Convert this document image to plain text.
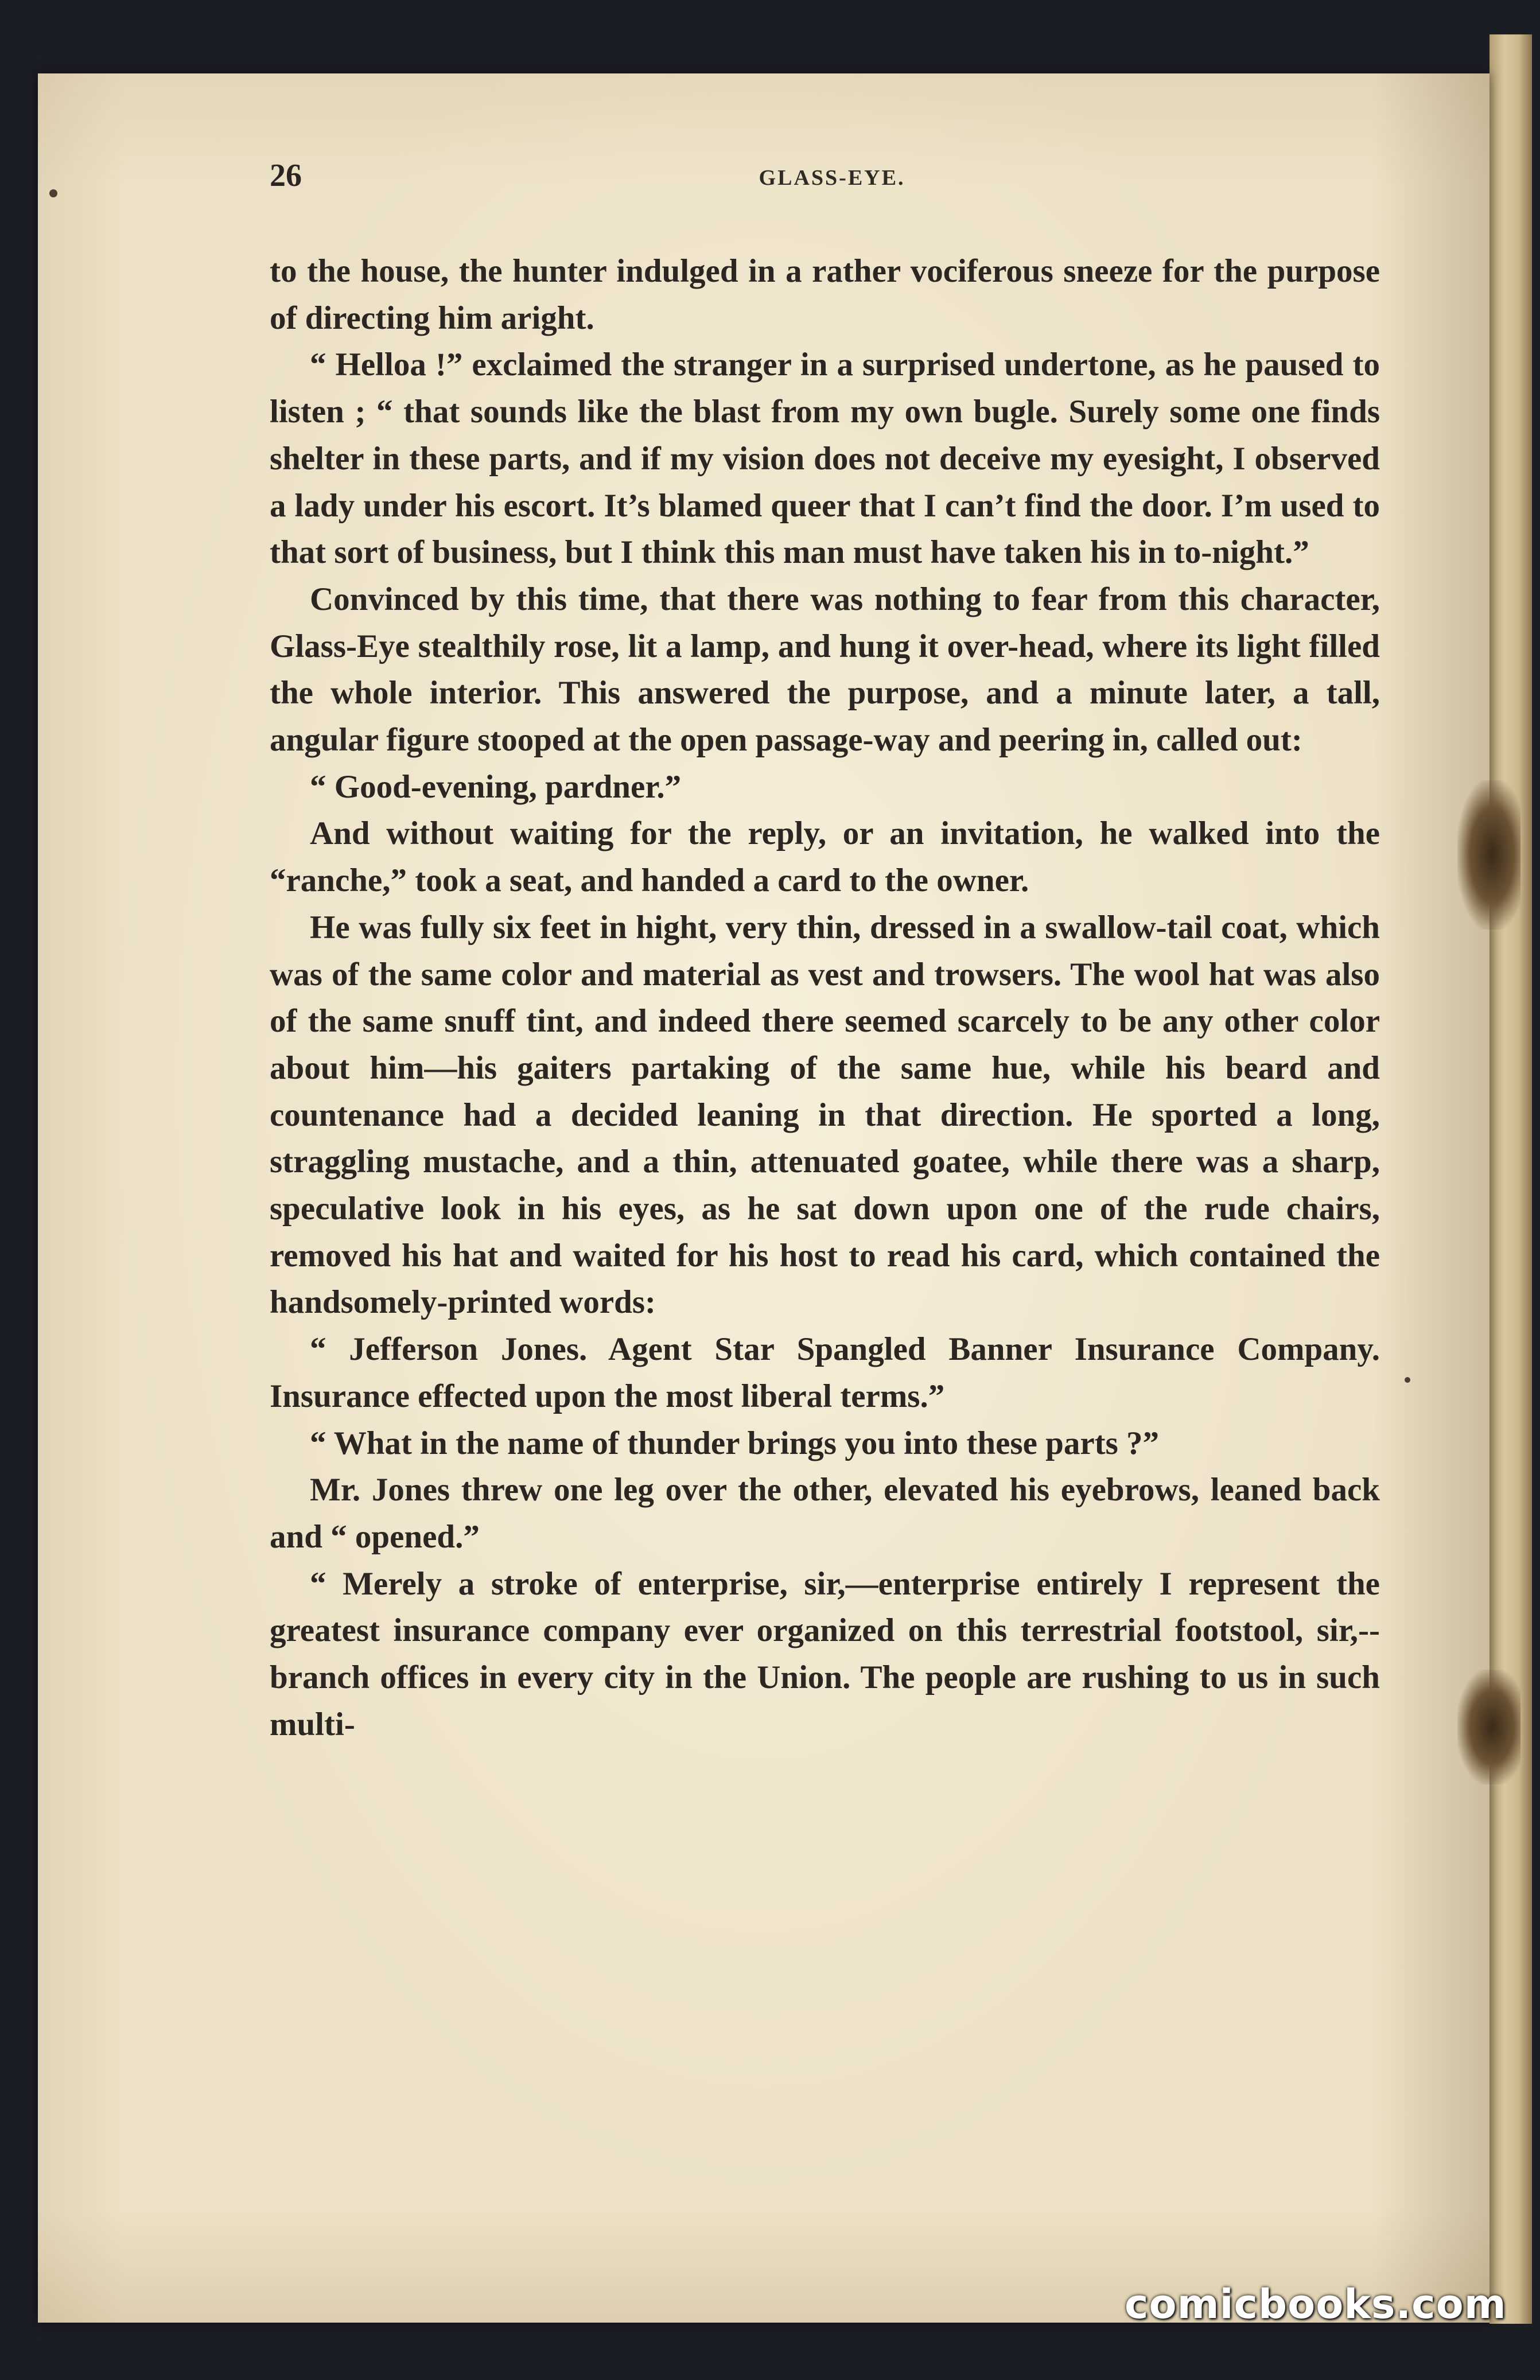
26	GLASS-EYE.

to the house, the hunter indulged in a rather vociferous sneeze for the purpose of directing him aright.

“ Helloa !” exclaimed the stranger in a surprised undertone, as he paused to listen ; “ that sounds like the blast from my own bugle. Surely some one finds shelter in these parts, and if my vision does not deceive my eyesight, I observed a lady under his escort. It’s blamed queer that I can’t find the door. I’m used to that sort of business, but I think this man must have taken his in to-night.”

Convinced by this time, that there was nothing to fear from this character, Glass-Eye stealthily rose, lit a lamp, and hung it over-head, where its light filled the whole interior. This answered the purpose, and a minute later, a tall, angular figure stooped at the open passage-way and peering in, called out:

“ Good-evening, pardner.”

And without waiting for the reply, or an invitation, he walked into the “ranche,” took a seat, and handed a card to the owner.

He was fully six feet in hight, very thin, dressed in a swallow-tail coat, which was of the same color and material as vest and trowsers. The wool hat was also of the same snuff tint, and indeed there seemed scarcely to be any other color about him—his gaiters partaking of the same hue, while his beard and countenance had a decided leaning in that direction. He sported a long, straggling mustache, and a thin, attenuated goatee, while there was a sharp, speculative look in his eyes, as he sat down upon one of the rude chairs, removed his hat and waited for his host to read his card, which contained the handsomely-printed words:

“ Jefferson Jones. Agent Star Spangled Banner Insurance Company. Insurance effected upon the most liberal terms.”

“ What in the name of thunder brings you into these parts ?”

Mr. Jones threw one leg over the other, elevated his eyebrows, leaned back and “ opened.”

“ Merely a stroke of enterprise, sir,—enterprise entirely I represent the greatest insurance company ever organized on this terrestrial footstool, sir,--branch offices in every city in the Union. The people are rushing to us in such multi-

comicbooks.com
